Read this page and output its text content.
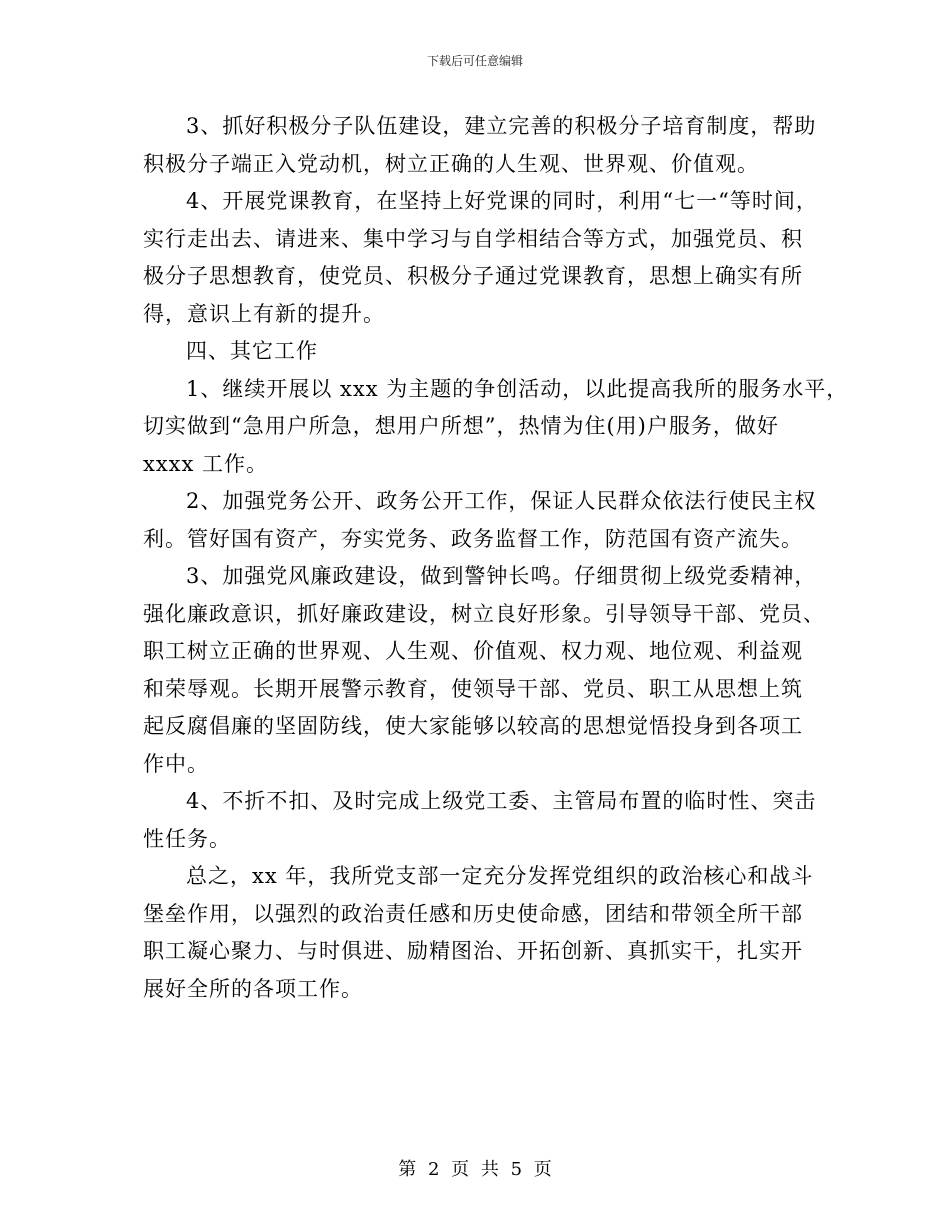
下载后可任意编辑
3、抓好积极分子队伍建设，建立完善的积极分子培育制度，帮助
积极分子端正入党动机，树立正确的人生观、世界观、价值观。
4、开展党课教育，在坚持上好党课的同时，利用“七一“等时间，
实行走出去、请进来、集中学习与自学相结合等方式，加强党员、积
极分子思想教育，使党员、积极分子通过党课教育，思想上确实有所
得，意识上有新的提升。
四、其它工作
1、继续开展以 xxx 为主题的争创活动，以此提高我所的服务水平，
切实做到“急用户所急，想用户所想”，热情为住(用)户服务，做好
xxxx 工作。
2、加强党务公开、政务公开工作，保证人民群众依法行使民主权
利。管好国有资产，夯实党务、政务监督工作，防范国有资产流失。
3、加强党风廉政建设，做到警钟长鸣。仔细贯彻上级党委精神，
强化廉政意识，抓好廉政建设，树立良好形象。引导领导干部、党员、
职工树立正确的世界观、人生观、价值观、权力观、地位观、利益观
和荣辱观。长期开展警示教育，使领导干部、党员、职工从思想上筑
起反腐倡廉的坚固防线，使大家能够以较高的思想觉悟投身到各项工
作中。
4、不折不扣、及时完成上级党工委、主管局布置的临时性、突击
性任务。
总之，xx 年，我所党支部一定充分发挥党组织的政治核心和战斗
堡垒作用，以强烈的政治责任感和历史使命感，团结和带领全所干部
职工凝心聚力、与时俱进、励精图治、开拓创新、真抓实干，扎实开
展好全所的各项工作。
第 2 页 共 5 页
